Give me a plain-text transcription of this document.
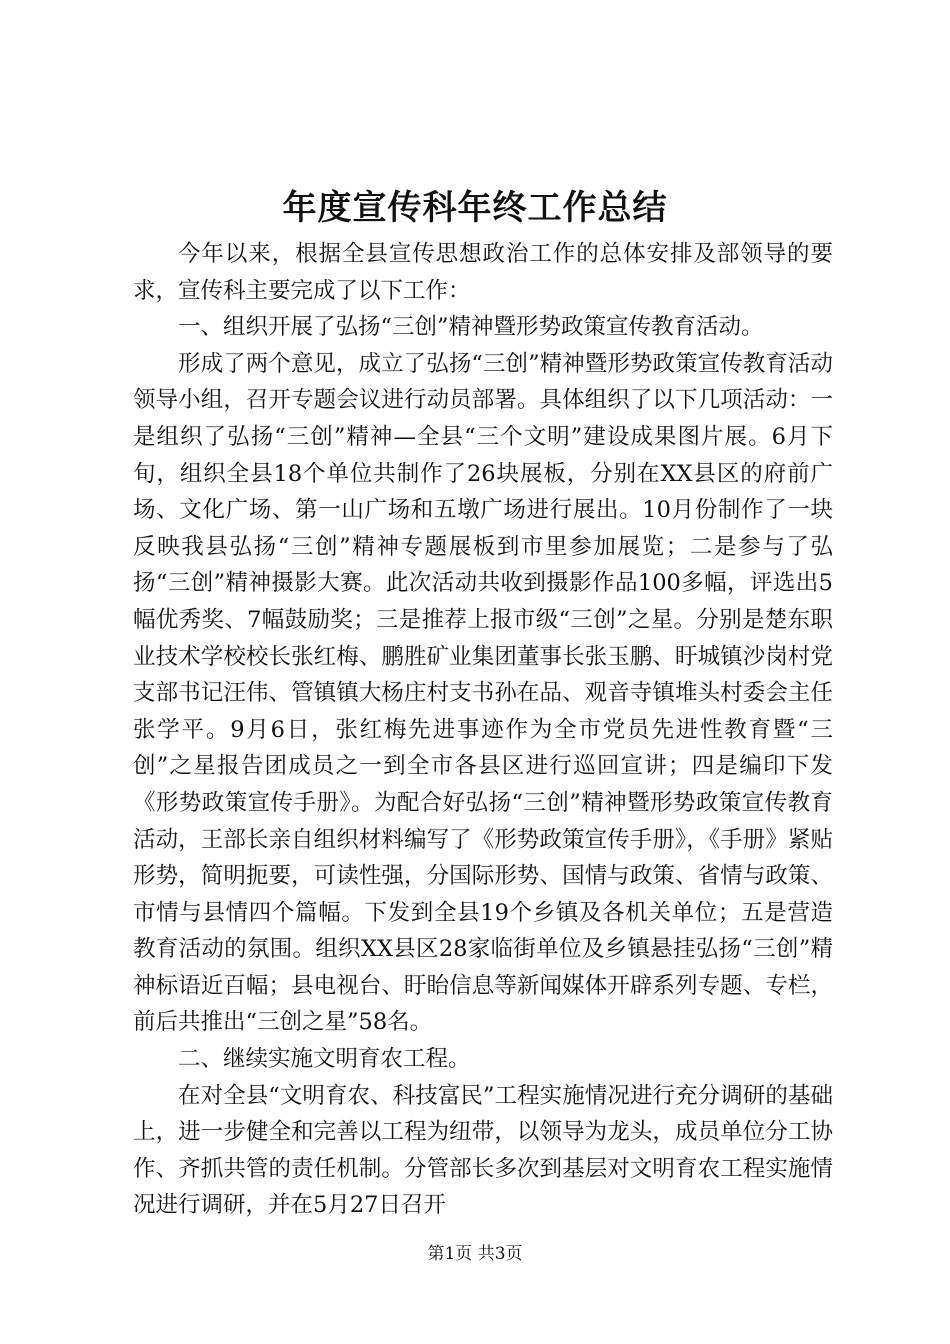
年度宣传科年终工作总结

今年以来，根据全县宣传思想政治工作的总体安排及部领导的要求，宣传科主要完成了以下工作：

一、组织开展了弘扬“三创”精神暨形势政策宣传教育活动。

形成了两个意见，成立了弘扬“三创”精神暨形势政策宣传教育活动领导小组，召开专题会议进行动员部署。具体组织了以下几项活动：一是组织了弘扬“三创”精神—全县“三个文明”建设成果图片展。6月下旬，组织全县18个单位共制作了26块展板，分别在XX县区的府前广场、文化广场、第一山广场和五墩广场进行展出。10月份制作了一块反映我县弘扬“三创”精神专题展板到市里参加展览；二是参与了弘扬“三创”精神摄影大赛。此次活动共收到摄影作品100多幅，评选出5幅优秀奖、7幅鼓励奖；三是推荐上报市级“三创”之星。分别是楚东职业技术学校校长张红梅、鹏胜矿业集团董事长张玉鹏、盱城镇沙岗村党支部书记汪伟、管镇镇大杨庄村支书孙在品、观音寺镇堆头村委会主任张学平。9月6日，张红梅先进事迹作为全市党员先进性教育暨“三创”之星报告团成员之一到全市各县区进行巡回宣讲；四是编印下发《形势政策宣传手册》。为配合好弘扬“三创”精神暨形势政策宣传教育活动，王部长亲自组织材料编写了《形势政策宣传手册》，《手册》紧贴形势，简明扼要，可读性强，分国际形势、国情与政策、省情与政策、市情与县情四个篇幅。下发到全县19个乡镇及各机关单位；五是营造教育活动的氛围。组织XX县区28家临街单位及乡镇悬挂弘扬“三创”精神标语近百幅；县电视台、盱眙信息等新闻媒体开辟系列专题、专栏，前后共推出“三创之星”58名。

二、继续实施文明育农工程。

在对全县“文明育农、科技富民”工程实施情况进行充分调研的基础上，进一步健全和完善以工程为纽带，以领导为龙头，成员单位分工协作、齐抓共管的责任机制。分管部长多次到基层对文明育农工程实施情况进行调研，并在5月27日召开

第1页 共3页
